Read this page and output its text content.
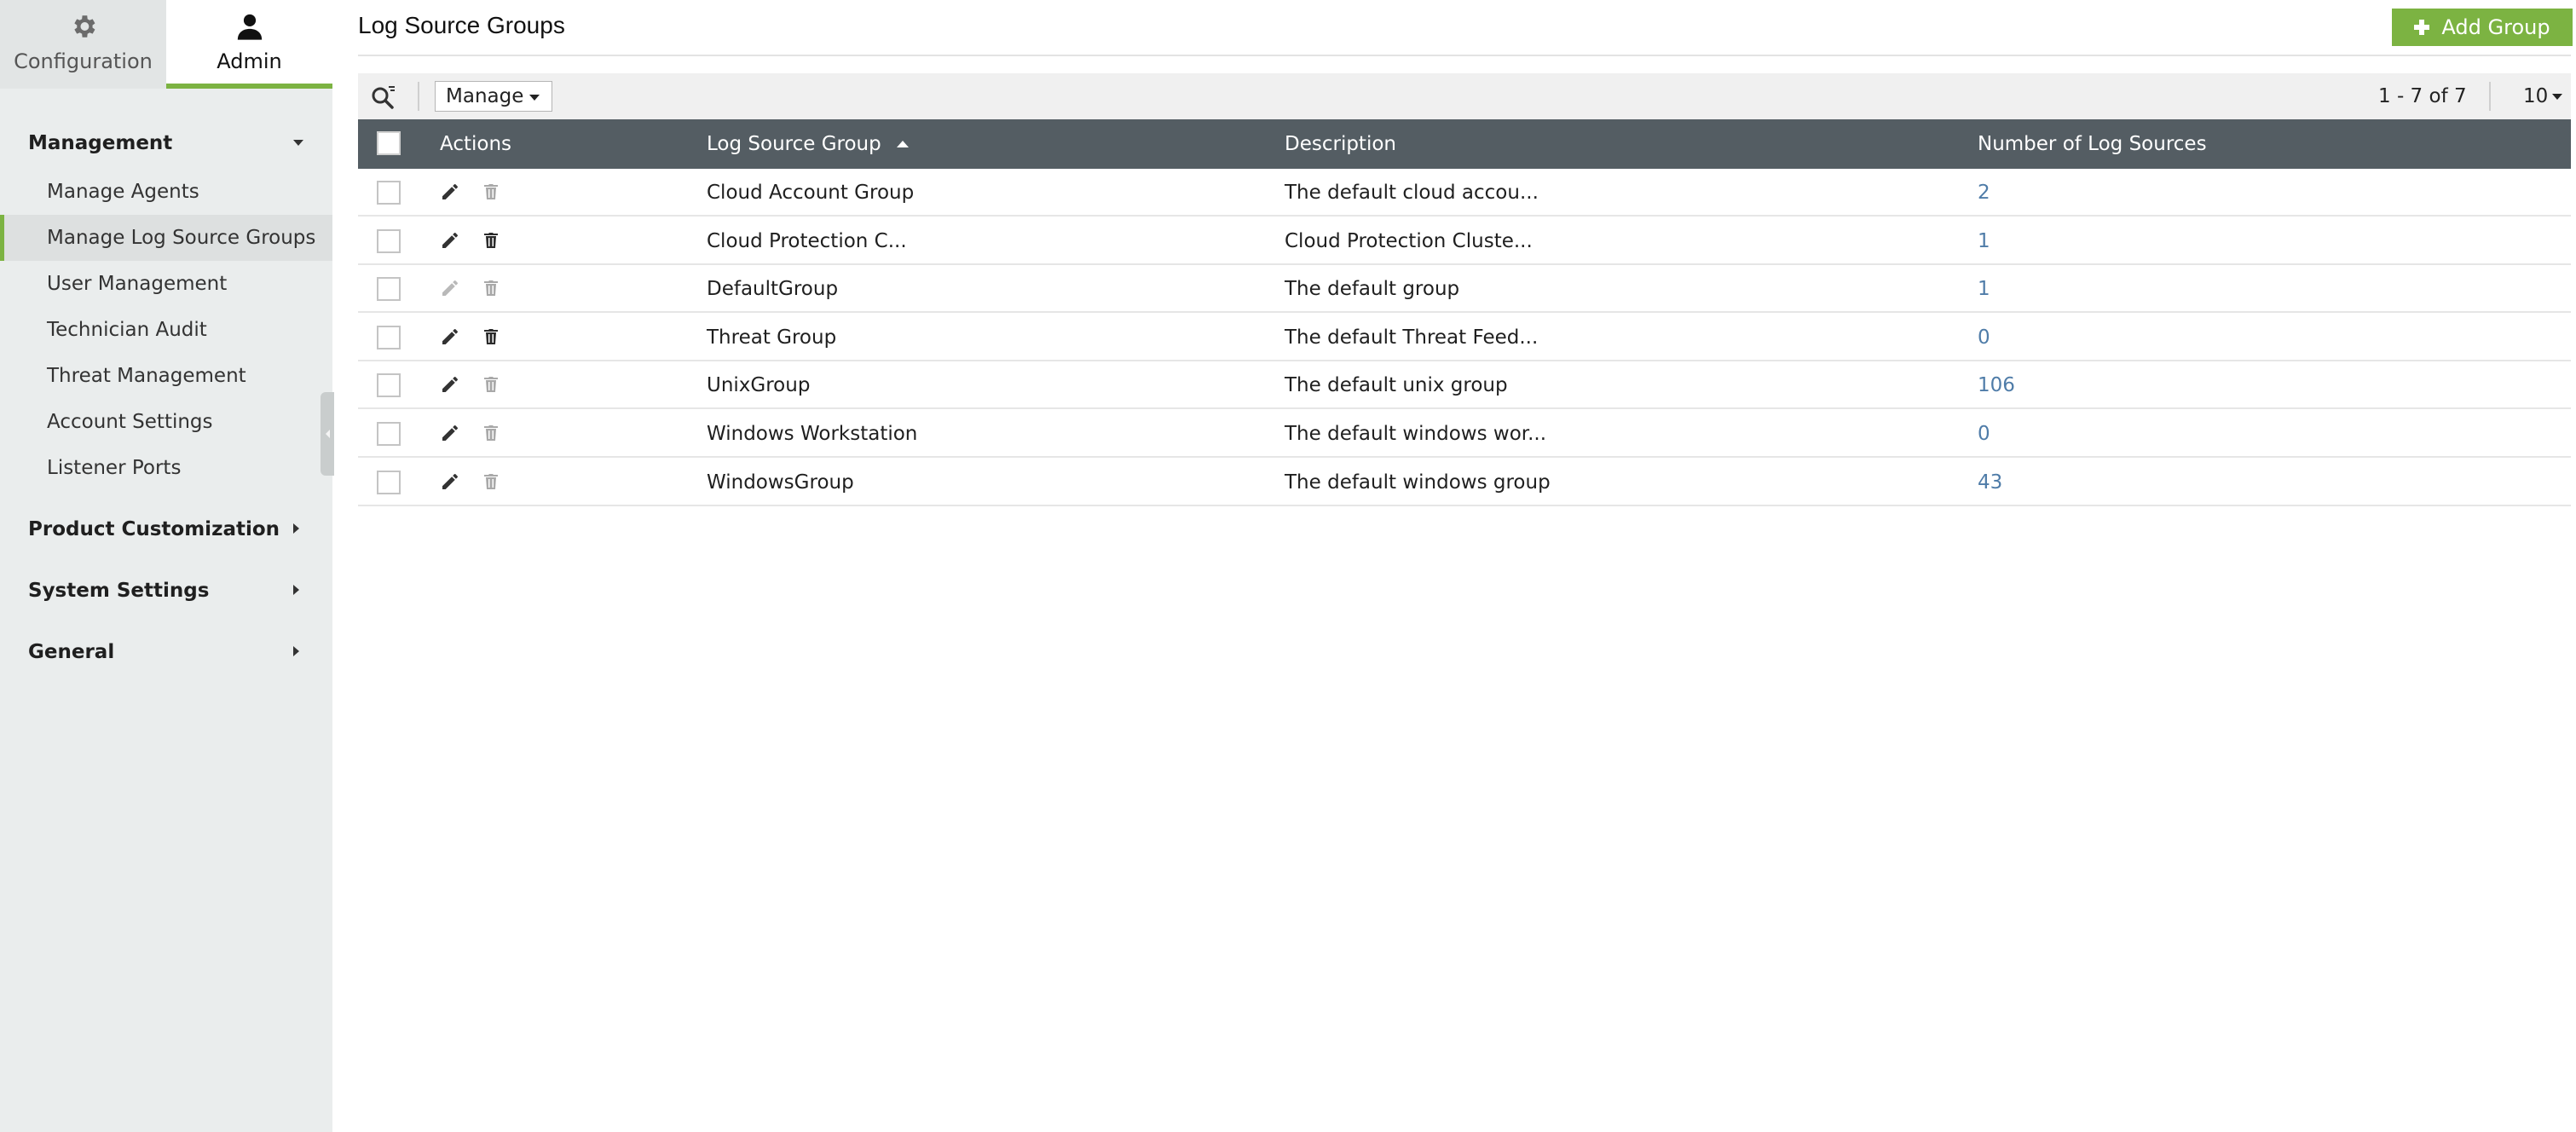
Configuration	Admin
Management
Manage Agents
Manage Log Source Groups
User Management
Technician Audit
Threat Management
Account Settings
Listener Ports
Product Customization
System Settings
General
Log Source Groups	Add Group
Manage	1 - 7 of 7	10
Actions	Log Source Group	Description	Number of Log Sources
Cloud Account Group	The default cloud accou...	2
Cloud Protection C...	Cloud Protection Cluste...	1
DefaultGroup	The default group	1
Threat Group	The default Threat Feed...	0
UnixGroup	The default unix group	106
Windows Workstation	The default windows wor...	0
WindowsGroup	The default windows group	43
